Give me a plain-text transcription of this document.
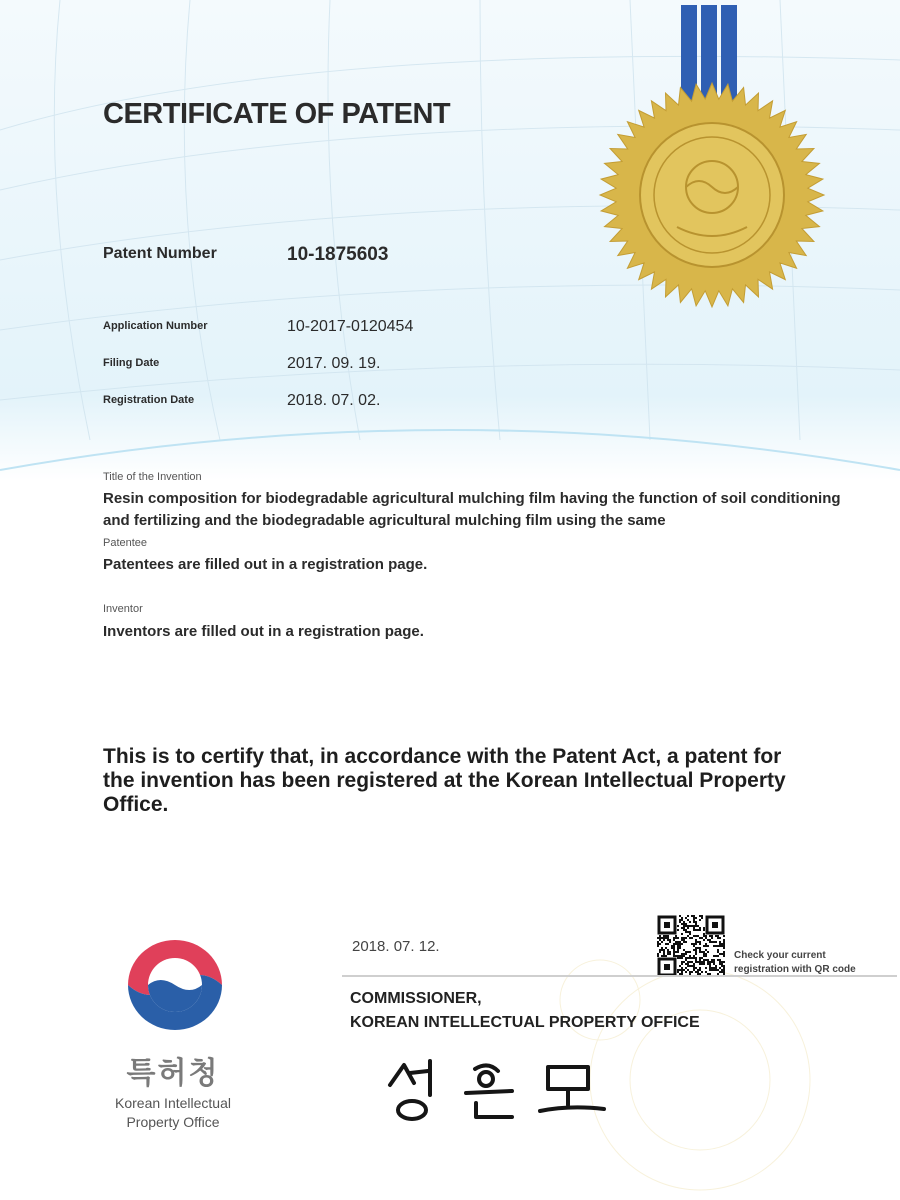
CERTIFICATE OF PATENT
Patent Number	10-1875603
Application Number	10-2017-0120454
Filing Date	2017. 09. 19.
Registration Date	2018. 07. 02.
Title of the Invention
Resin composition for biodegradable agricultural mulching film having the function of soil conditioning and fertilizing and the biodegradable agricultural mulching film using the same
Patentee
Patentees are filled out in a registration page.
Inventor
Inventors are filled out in a registration page.
This is to certify that, in accordance with the Patent Act, a patent for the invention has been registered at the Korean Intellectual Property Office.
2018. 07. 12.
Check your current
registration with QR code
COMMISSIONER,
KOREAN INTELLECTUAL PROPERTY OFFICE
특허청
Korean Intellectual
Property Office
